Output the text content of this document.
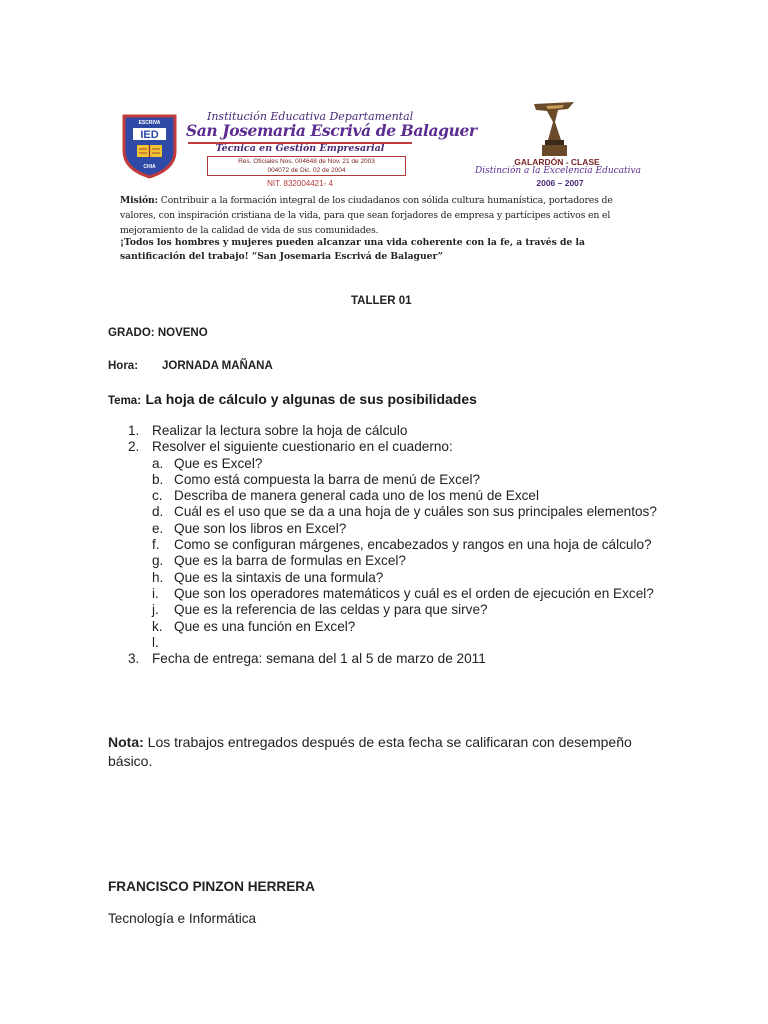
IED
ESCRIVA
CHIA
Institución Educativa Departamental
San Josemaria Escrivá de Balaguer
Técnica en Gestión Empresarial
Res. Oficiales Nos. 004648 de Nov. 21 de 2003
004072 de Dic. 02 de 2004
NIT. 832004421- 4
GALARDÓN - CLASE
Distinción a la Excelencia Educativa
2006 – 2007

Misión: Contribuir a la formación integral de los ciudadanos con sólida cultura humanística, portadores de
valores, con inspiración cristiana de la vida, para que sean forjadores de empresa y partícipes activos en el
mejoramiento de la calidad de vida de sus comunidades.

¡Todos los hombres y mujeres pueden alcanzar una vida coherente con la fe, a través de la
santificación del trabajo! “San Josemaria Escrivá de Balaguer”

TALLER 01
GRADO: NOVENO
Hora: JORNADA MAÑANA
Tema: La hoja de cálculo y algunas de sus posibilidades
1. Realizar la lectura sobre la hoja de cálculo
2. Resolver el siguiente cuestionario en el cuaderno:
a. Que es Excel?
b. Como está compuesta la barra de menú de Excel?
c. Describa de manera general cada uno de los menú de Excel
d. Cuál es el uso que se da a una hoja de y cuáles son sus principales elementos?
e. Que son los libros en Excel?
f. Como se configuran márgenes, encabezados y rangos en una hoja de cálculo?
g. Que es la barra de formulas en Excel?
h. Que es la sintaxis de una formula?
i. Que son los operadores matemáticos y cuál es el orden de ejecución en Excel?
j. Que es la referencia de las celdas y para que sirve?
k. Que es una función en Excel?
l.

3. Fecha de entrega: semana del 1 al 5 de marzo de 2011

Nota: Los trabajos entregados después de esta fecha se calificaran con desempeño básico.

FRANCISCO PINZON HERRERA
Tecnología e Informática
